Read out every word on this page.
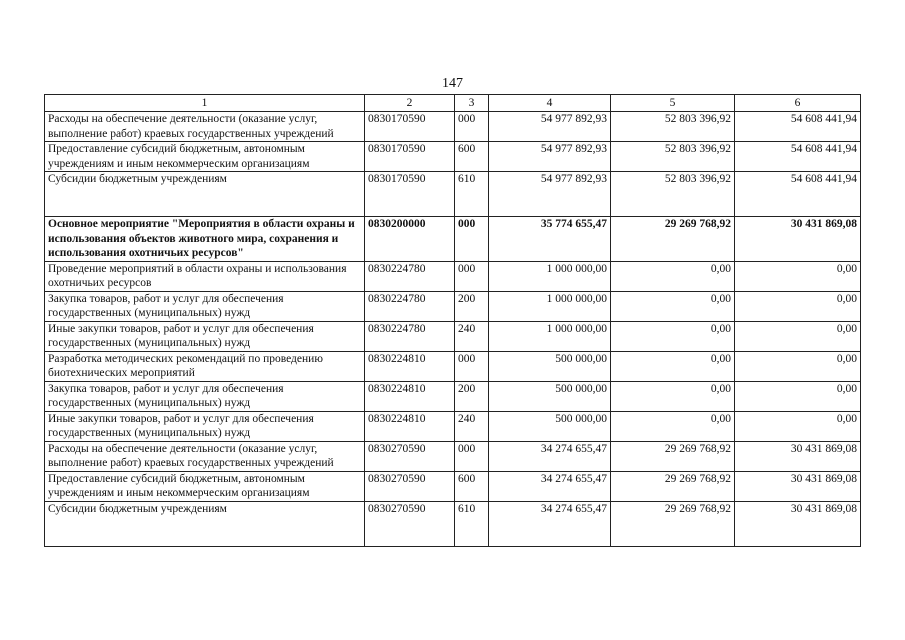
147
1	2	3	4	5	6
Расходы на обеспечение деятельности (оказание услуг, выполнение работ) краевых государственных учреждений	0830170590	000	54 977 892,93	52 803 396,92	54 608 441,94
Предоставление субсидий бюджетным, автономным учреждениям и иным некоммерческим организациям	0830170590	600	54 977 892,93	52 803 396,92	54 608 441,94
Субсидии бюджетным учреждениям	0830170590	610	54 977 892,93	52 803 396,92	54 608 441,94
Основное мероприятие "Мероприятия в области охраны и использования объектов животного мира, сохранения и использования охотничьих ресурсов"	0830200000	000	35 774 655,47	29 269 768,92	30 431 869,08
Проведение мероприятий в области охраны и использования охотничьих ресурсов	0830224780	000	1 000 000,00	0,00	0,00
Закупка товаров, работ и услуг для обеспечения государственных (муниципальных) нужд	0830224780	200	1 000 000,00	0,00	0,00
Иные закупки товаров, работ и услуг для обеспечения государственных (муниципальных) нужд	0830224780	240	1 000 000,00	0,00	0,00
Разработка методических рекомендаций по проведению биотехнических мероприятий	0830224810	000	500 000,00	0,00	0,00
Закупка товаров, работ и услуг для обеспечения государственных (муниципальных) нужд	0830224810	200	500 000,00	0,00	0,00
Иные закупки товаров, работ и услуг для обеспечения государственных (муниципальных) нужд	0830224810	240	500 000,00	0,00	0,00
Расходы на обеспечение деятельности (оказание услуг, выполнение работ) краевых государственных учреждений	0830270590	000	34 274 655,47	29 269 768,92	30 431 869,08
Предоставление субсидий бюджетным, автономным учреждениям и иным некоммерческим организациям	0830270590	600	34 274 655,47	29 269 768,92	30 431 869,08
Субсидии бюджетным учреждениям	0830270590	610	34 274 655,47	29 269 768,92	30 431 869,08
